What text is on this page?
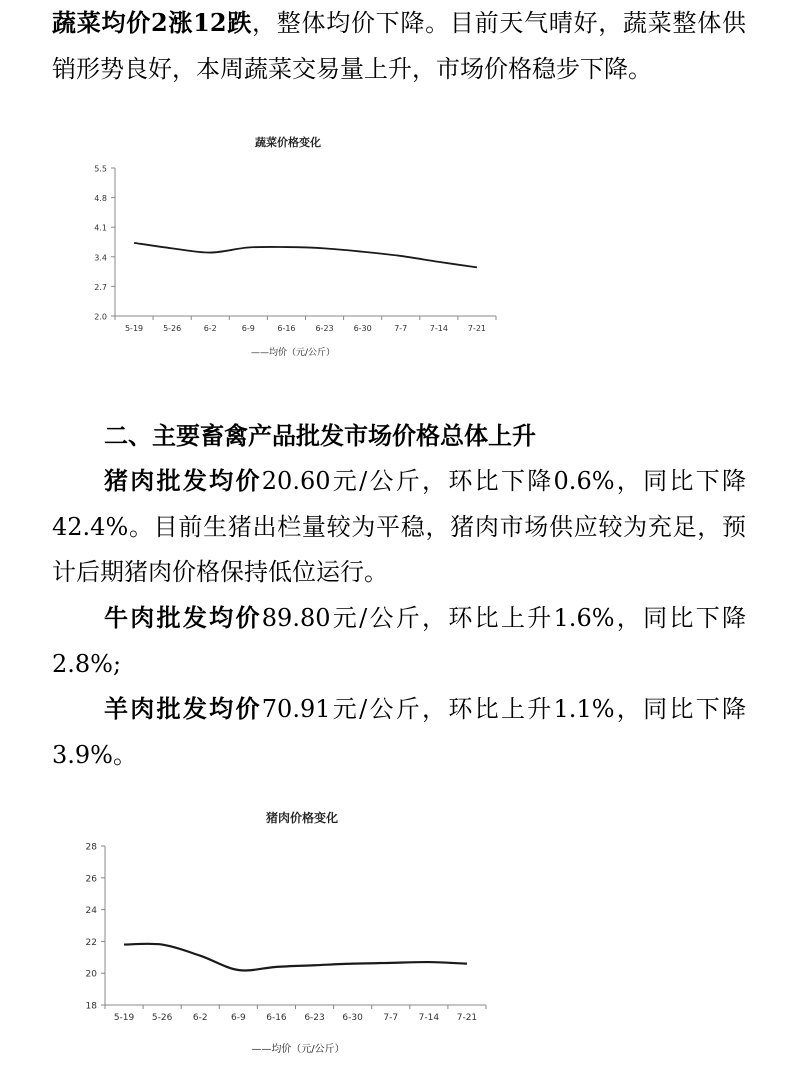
蔬菜均价2涨12跌，整体均价下降。目前天气晴好，蔬菜整体供销形势良好，本周蔬菜交易量上升，市场价格稳步下降。

蔬菜价格变化
2.0
2.7
3.4
4.1
4.8
5.5
5-19 5-26	6-2	6-9	6-16 6-23 6-30	7-7	7-14 7-21
——均价（元/公斤）
二、主要畜禽产品批发市场价格总体上升

猪肉批发均价20.60元/公斤，环比下降0.6%，同比下降42.4%。目前生猪出栏量较为平稳，猪肉市场供应较为充足，预计后期猪肉价格保持低位运行。

牛肉批发均价89.80元/公斤，环比上升1.6%，同比下降2.8%;

羊肉批发均价70.91元/公斤，环比上升1.1%，同比下降3.9%。

猪肉价格变化
18
20
22
24
26
28
5-19 5-26 6-2	6-9 6-16 6-23 6-30 7-7 7-14 7-21
——均价（元/公斤）
